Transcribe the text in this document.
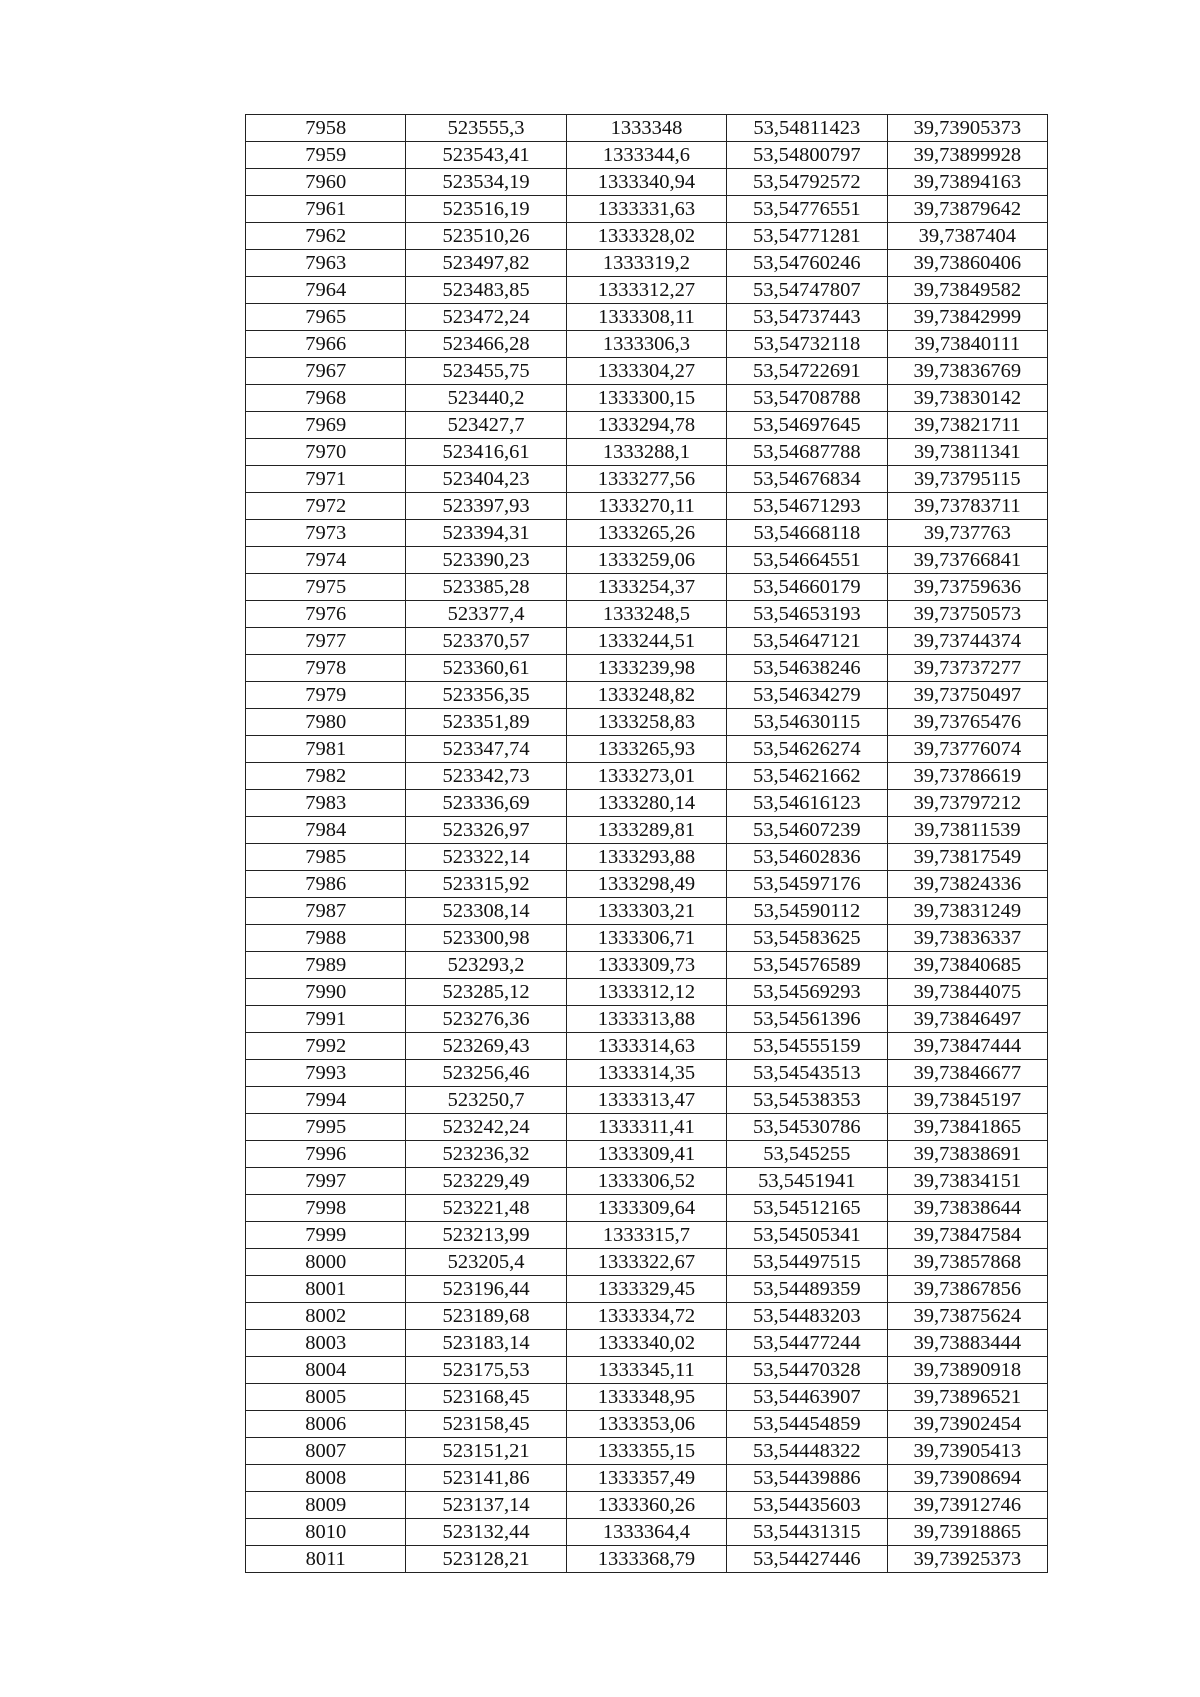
7958	523555,3	1333348	53,54811423	39,73905373
7959	523543,41	1333344,6	53,54800797	39,73899928
7960	523534,19	1333340,94	53,54792572	39,73894163
7961	523516,19	1333331,63	53,54776551	39,73879642
7962	523510,26	1333328,02	53,54771281	39,7387404
7963	523497,82	1333319,2	53,54760246	39,73860406
7964	523483,85	1333312,27	53,54747807	39,73849582
7965	523472,24	1333308,11	53,54737443	39,73842999
7966	523466,28	1333306,3	53,54732118	39,73840111
7967	523455,75	1333304,27	53,54722691	39,73836769
7968	523440,2	1333300,15	53,54708788	39,73830142
7969	523427,7	1333294,78	53,54697645	39,73821711
7970	523416,61	1333288,1	53,54687788	39,73811341
7971	523404,23	1333277,56	53,54676834	39,73795115
7972	523397,93	1333270,11	53,54671293	39,73783711
7973	523394,31	1333265,26	53,54668118	39,737763
7974	523390,23	1333259,06	53,54664551	39,73766841
7975	523385,28	1333254,37	53,54660179	39,73759636
7976	523377,4	1333248,5	53,54653193	39,73750573
7977	523370,57	1333244,51	53,54647121	39,73744374
7978	523360,61	1333239,98	53,54638246	39,73737277
7979	523356,35	1333248,82	53,54634279	39,73750497
7980	523351,89	1333258,83	53,54630115	39,73765476
7981	523347,74	1333265,93	53,54626274	39,73776074
7982	523342,73	1333273,01	53,54621662	39,73786619
7983	523336,69	1333280,14	53,54616123	39,73797212
7984	523326,97	1333289,81	53,54607239	39,73811539
7985	523322,14	1333293,88	53,54602836	39,73817549
7986	523315,92	1333298,49	53,54597176	39,73824336
7987	523308,14	1333303,21	53,54590112	39,73831249
7988	523300,98	1333306,71	53,54583625	39,73836337
7989	523293,2	1333309,73	53,54576589	39,73840685
7990	523285,12	1333312,12	53,54569293	39,73844075
7991	523276,36	1333313,88	53,54561396	39,73846497
7992	523269,43	1333314,63	53,54555159	39,73847444
7993	523256,46	1333314,35	53,54543513	39,73846677
7994	523250,7	1333313,47	53,54538353	39,73845197
7995	523242,24	1333311,41	53,54530786	39,73841865
7996	523236,32	1333309,41	53,545255	39,73838691
7997	523229,49	1333306,52	53,5451941	39,73834151
7998	523221,48	1333309,64	53,54512165	39,73838644
7999	523213,99	1333315,7	53,54505341	39,73847584
8000	523205,4	1333322,67	53,54497515	39,73857868
8001	523196,44	1333329,45	53,54489359	39,73867856
8002	523189,68	1333334,72	53,54483203	39,73875624
8003	523183,14	1333340,02	53,54477244	39,73883444
8004	523175,53	1333345,11	53,54470328	39,73890918
8005	523168,45	1333348,95	53,54463907	39,73896521
8006	523158,45	1333353,06	53,54454859	39,73902454
8007	523151,21	1333355,15	53,54448322	39,73905413
8008	523141,86	1333357,49	53,54439886	39,73908694
8009	523137,14	1333360,26	53,54435603	39,73912746
8010	523132,44	1333364,4	53,54431315	39,73918865
8011	523128,21	1333368,79	53,54427446	39,73925373
